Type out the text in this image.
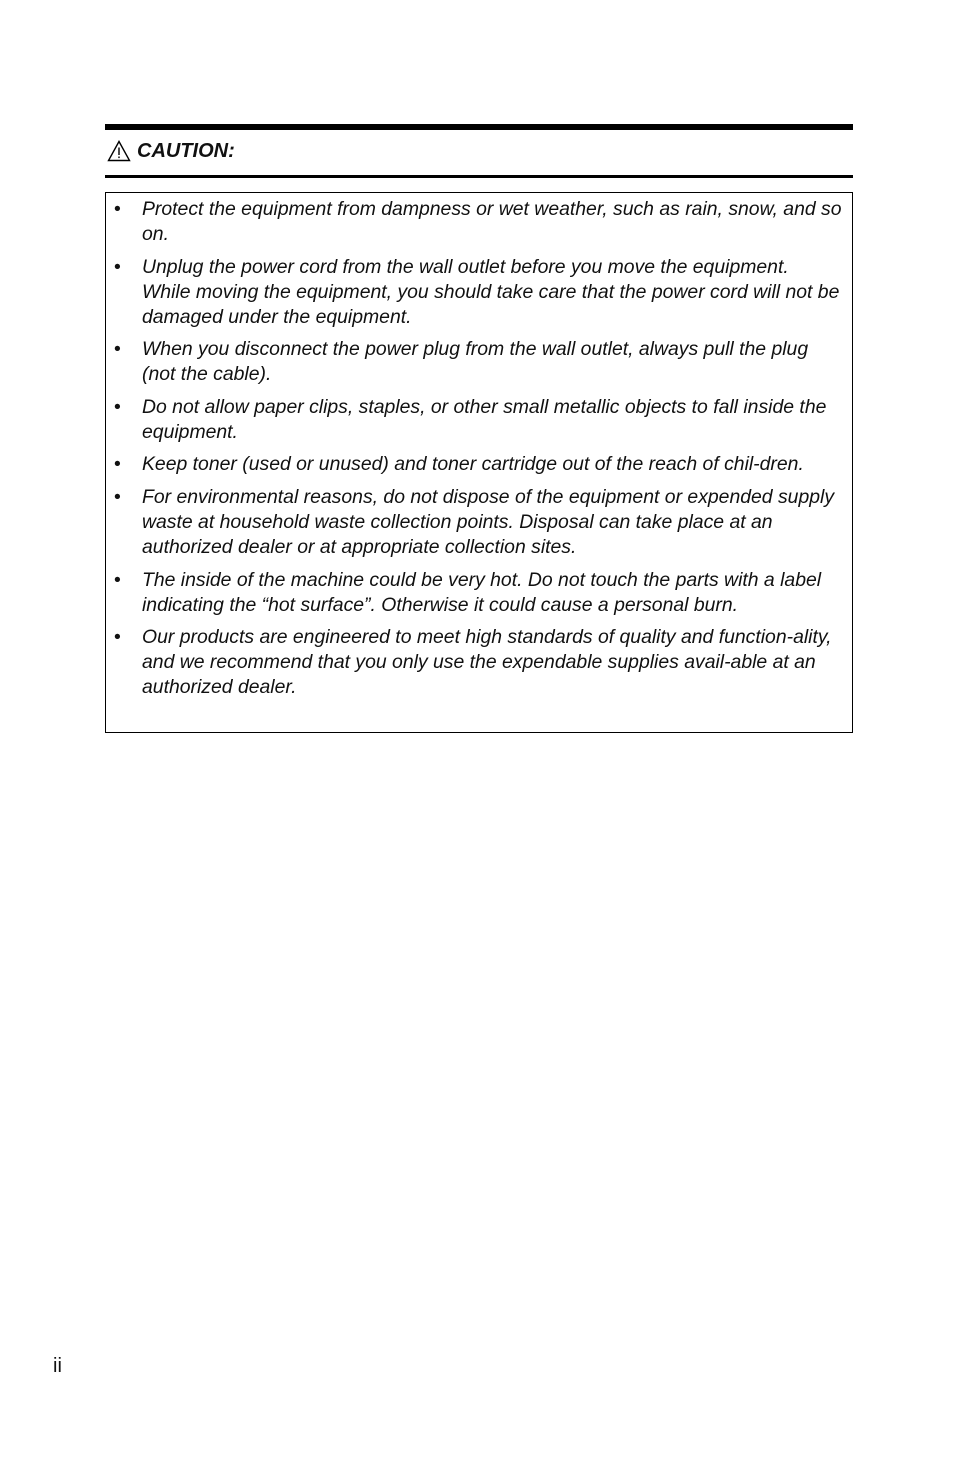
CAUTION:
• Protect the equipment from dampness or wet weather, such as rain, snow, and so on.
• Unplug the power cord from the wall outlet before you move the equipment. While moving the equipment, you should take care that the power cord will not be damaged under the equipment.
• When you disconnect the power plug from the wall outlet, always pull the plug (not the cable).
• Do not allow paper clips, staples, or other small metallic objects to fall inside the equipment.
• Keep toner (used or unused) and toner cartridge out of the reach of chil-dren.
• For environmental reasons, do not dispose of the equipment or expended supply waste at household waste collection points. Disposal can take place at an authorized dealer or at appropriate collection sites.
• The inside of the machine could be very hot. Do not touch the parts with a label indicating the “hot surface”. Otherwise it could cause a personal burn.
• Our products are engineered to meet high standards of quality and function-ality, and we recommend that you only use the expendable supplies avail-able at an authorized dealer.
ii
